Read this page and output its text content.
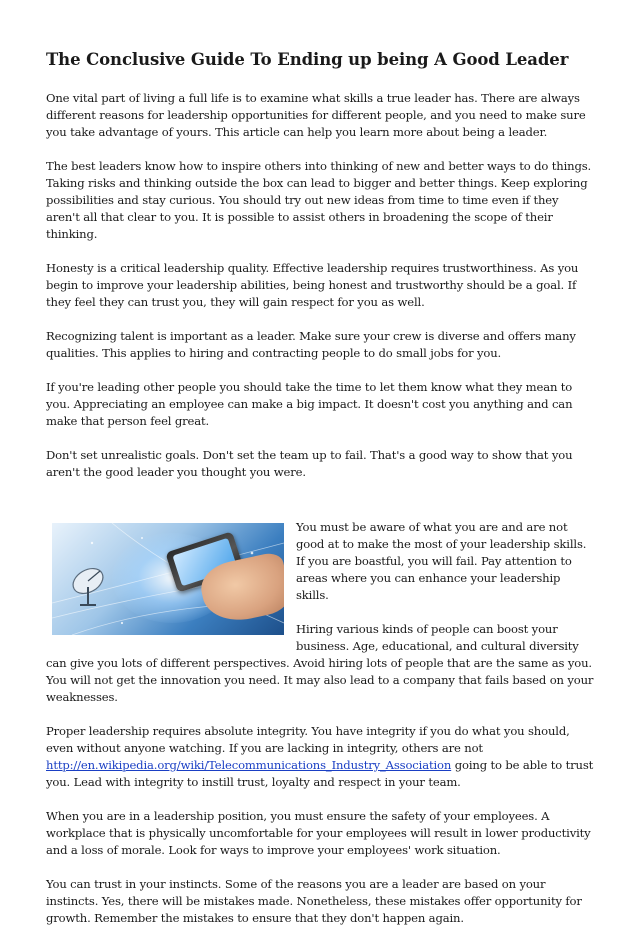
The Conclusive Guide To Ending up being A Good Leader

One vital part of living a full life is to examine what skills a true leader has. There are always different reasons for leadership opportunities for different people, and you need to make sure you take advantage of yours. This article can help you learn more about being a leader.

The best leaders know how to inspire others into thinking of new and better ways to do things. Taking risks and thinking outside the box can lead to bigger and better things. Keep exploring possibilities and stay curious. You should try out new ideas from time to time even if they aren't all that clear to you. It is possible to assist others in broadening the scope of their thinking.

Honesty is a critical leadership quality. Effective leadership requires trustworthiness. As you begin to improve your leadership abilities, being honest and trustworthy should be a goal. If they feel they can trust you, they will gain respect for you as well.

Recognizing talent is important as a leader. Make sure your crew is diverse and offers many qualities. This applies to hiring and contracting people to do small jobs for you.

If you're leading other people you should take the time to let them know what they mean to you. Appreciating an employee can make a big impact. It doesn't cost you anything and can make that person feel great.

Don't set unrealistic goals. Don't set the team up to fail. That's a good way to show that you aren't the good leader you thought you were.

You must be aware of what you are and are not good at to make the most of your leadership skills. If you are boastful, you will fail. Pay attention to areas where you can enhance your leadership skills.

Hiring various kinds of people can boost your business. Age, educational, and cultural diversity can give you lots of different perspectives. Avoid hiring lots of people that are the same as you. You will not get the innovation you need. It may also lead to a company that fails based on your weaknesses.

Proper leadership requires absolute integrity. You have integrity if you do what you should, even without anyone watching. If you are lacking in integrity, others are not http://en.wikipedia.org/wiki/Telecommunications_Industry_Association going to be able to trust you. Lead with integrity to instill trust, loyalty and respect in your team.

When you are in a leadership position, you must ensure the safety of your employees. A workplace that is physically uncomfortable for your employees will result in lower productivity and a loss of morale. Look for ways to improve your employees' work situation.

You can trust in your instincts. Some of the reasons you are a leader are based on your instincts. Yes, there will be mistakes made. Nonetheless, these mistakes offer opportunity for growth. Remember the mistakes to ensure that they don't happen again.
